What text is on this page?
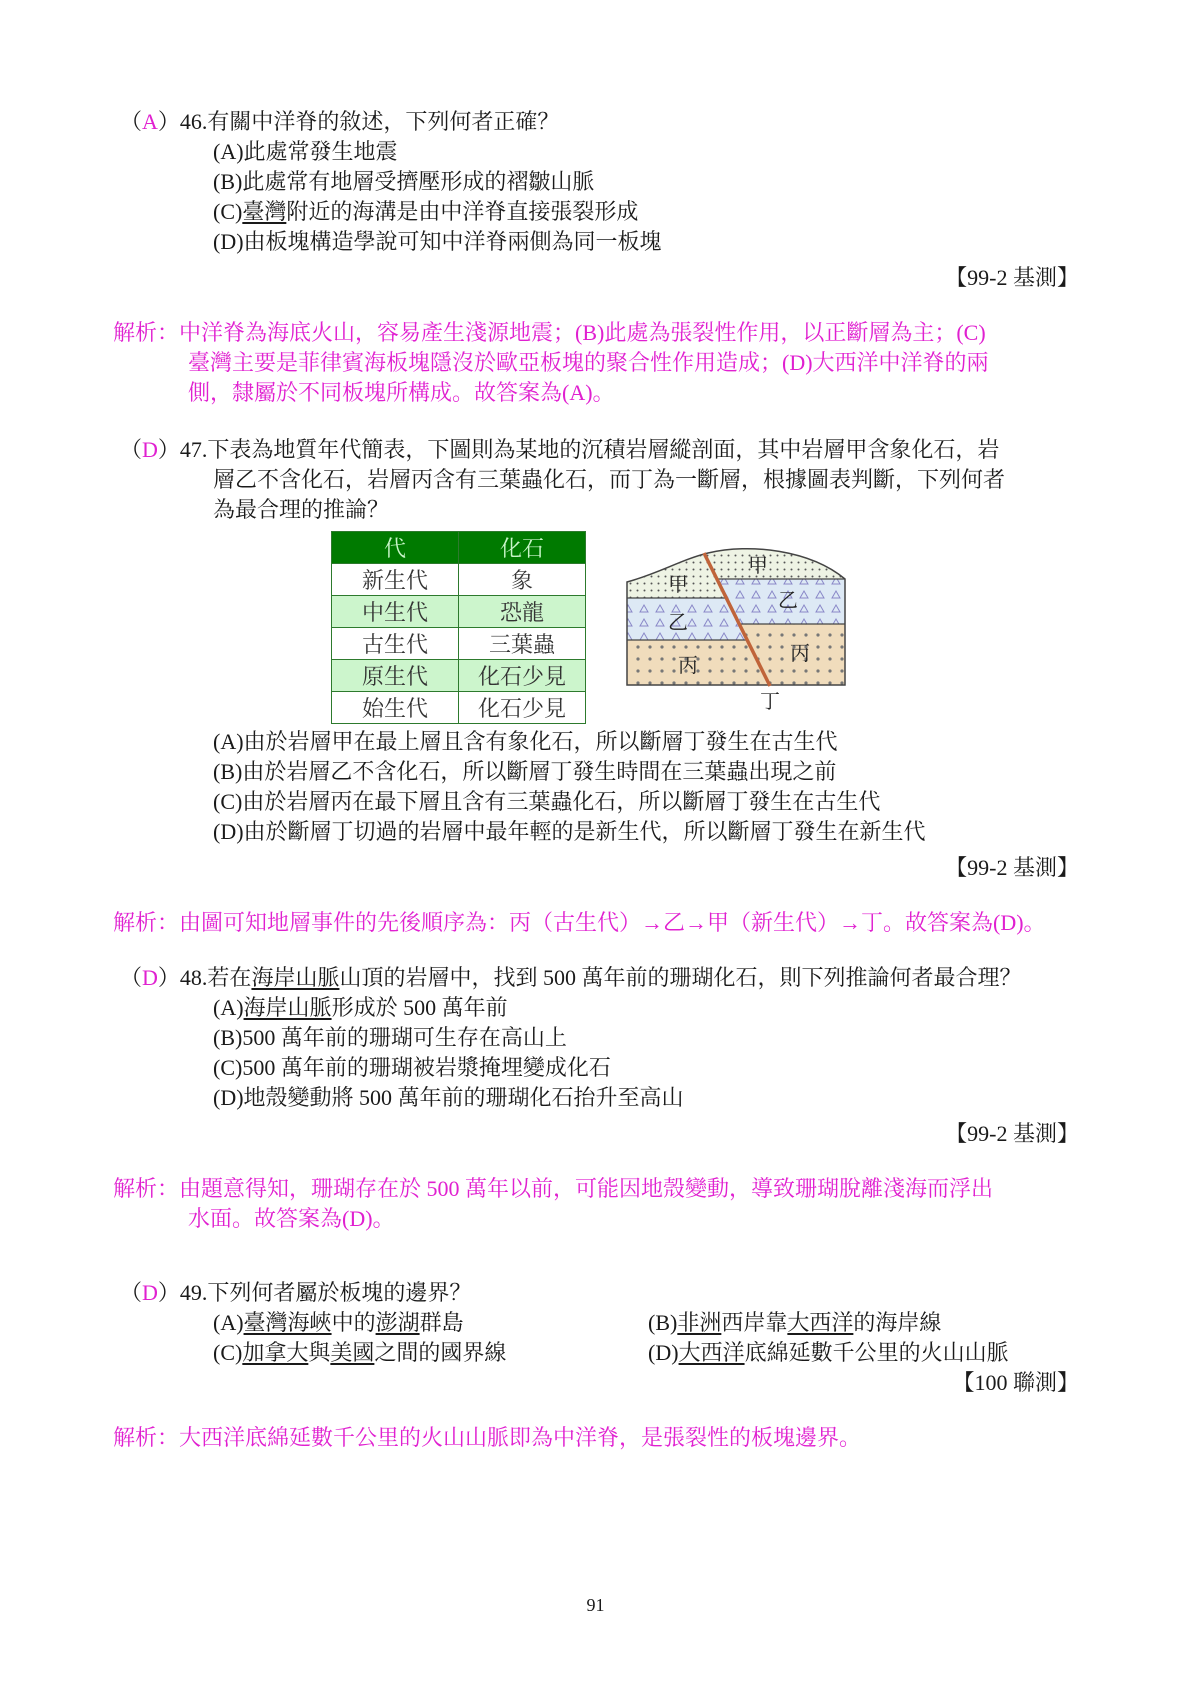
（A）46.有關中洋脊的敘述，下列何者正確？
(A)此處常發生地震
(B)此處常有地層受擠壓形成的褶皺山脈
(C)臺灣附近的海溝是由中洋脊直接張裂形成
(D)由板塊構造學說可知中洋脊兩側為同一板塊
【99-2 基測】
解析：中洋脊為海底火山，容易產生淺源地震；(B)此處為張裂性作用，以正斷層為主；(C)
臺灣主要是菲律賓海板塊隱沒於歐亞板塊的聚合性作用造成；(D)大西洋中洋脊的兩
側，隸屬於不同板塊所構成。故答案為(A)。
（D）47.下表為地質年代簡表，下圖則為某地的沉積岩層縱剖面，其中岩層甲含象化石，岩
層乙不含化石，岩層丙含有三葉蟲化石，而丁為一斷層，根據圖表判斷，下列何者
為最合理的推論？
代	化石
新生代	象
中生代	恐龍
古生代	三葉蟲
原生代	化石少見
始生代	化石少見
甲
甲
乙
乙
丙	丙
丁
(A)由於岩層甲在最上層且含有象化石，所以斷層丁發生在古生代
(B)由於岩層乙不含化石，所以斷層丁發生時間在三葉蟲出現之前
(C)由於岩層丙在最下層且含有三葉蟲化石，所以斷層丁發生在古生代
(D)由於斷層丁切過的岩層中最年輕的是新生代，所以斷層丁發生在新生代
【99-2 基測】
解析：由圖可知地層事件的先後順序為：丙（古生代）→乙→甲（新生代）→丁。故答案為(D)。
（D）48.若在海岸山脈山頂的岩層中，找到 500 萬年前的珊瑚化石，則下列推論何者最合理？
(A)海岸山脈形成於 500 萬年前
(B)500 萬年前的珊瑚可生存在高山上
(C)500 萬年前的珊瑚被岩漿掩埋變成化石
(D)地殼變動將 500 萬年前的珊瑚化石抬升至高山
【99-2 基測】
解析：由題意得知，珊瑚存在於 500 萬年以前，可能因地殼變動，導致珊瑚脫離淺海而浮出
水面。故答案為(D)。
（D）49.下列何者屬於板塊的邊界？
(A)臺灣海峽中的澎湖群島	(B)非洲西岸靠大西洋的海岸線
(C)加拿大與美國之間的國界線	(D)大西洋底綿延數千公里的火山山脈
【100 聯測】
解析：大西洋底綿延數千公里的火山山脈即為中洋脊，是張裂性的板塊邊界。
91
